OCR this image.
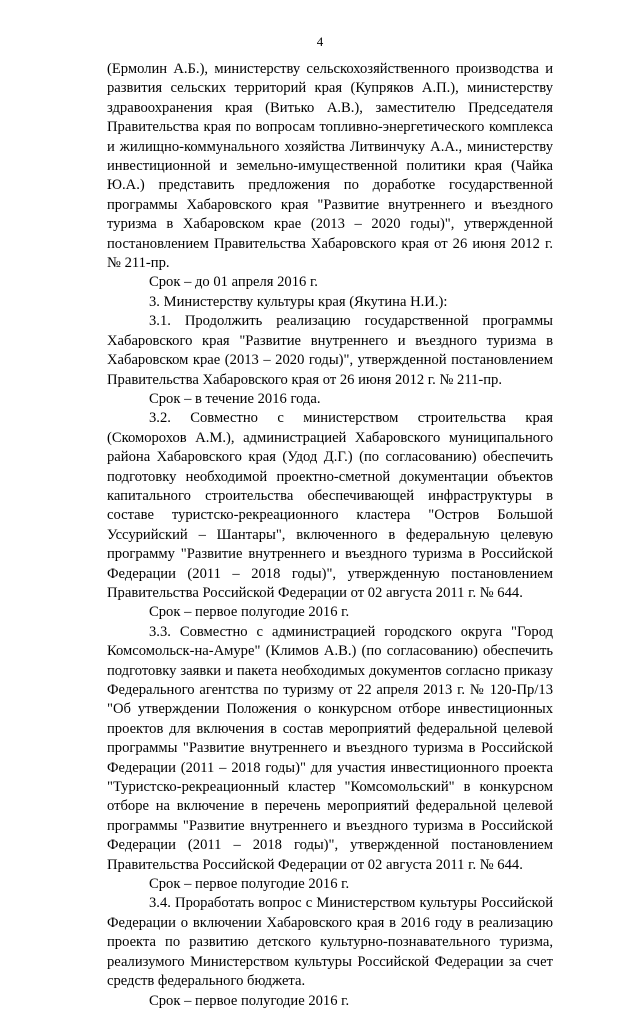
4

(Ермолин А.Б.), министерству сельскохозяйственного производства и развития сельских территорий края (Купряков А.П.), министерству здравоохранения края (Витько А.В.), заместителю Председателя Правительства края по вопросам топливно-энергетического комплекса и жилищно-коммунального хозяйства Литвинчуку А.А., министерству инвестиционной и земельно-имущественной политики края (Чайка Ю.А.) представить предложения по доработке государственной программы Хабаровского края "Развитие внутреннего и въездного туризма в Хабаровском крае (2013 – 2020 годы)", утвержденной постановлением Правительства Хабаровского края от 26 июня 2012 г. № 211-пр.

Срок – до 01 апреля 2016 г.

3. Министерству культуры края (Якутина Н.И.):

3.1. Продолжить реализацию государственной программы Хабаровского края "Развитие внутреннего и въездного туризма в Хабаровском крае (2013 – 2020 годы)", утвержденной постановлением Правительства Хабаровского края от 26 июня 2012 г. № 211-пр.

Срок – в течение 2016 года.

3.2. Совместно с министерством строительства края (Скоморохов А.М.), администрацией Хабаровского муниципального района Хабаровского края (Удод Д.Г.) (по согласованию) обеспечить подготовку необходимой проектно-сметной документации объектов капитального строительства обеспечивающей инфраструктуры в составе туристско-рекреационного кластера "Остров Большой Уссурийский – Шантары", включенного в федеральную целевую программу "Развитие внутреннего и въездного туризма в Российской Федерации (2011 – 2018 годы)", утвержденную постановлением Правительства Российской Федерации от 02 августа 2011 г. № 644.

Срок – первое полугодие 2016 г.

3.3. Совместно с администрацией городского округа "Город Комсомольск-на-Амуре" (Климов А.В.) (по согласованию) обеспечить подготовку заявки и пакета необходимых документов согласно приказу Федерального агентства по туризму от 22 апреля 2013 г. № 120-Пр/13 "Об утверждении Положения о конкурсном отборе инвестиционных проектов для включения в состав мероприятий федеральной целевой программы "Развитие внутреннего и въездного туризма в Российской Федерации (2011 – 2018 годы)" для участия инвестиционного проекта "Туристско-рекреационный кластер "Комсомольский" в конкурсном отборе на включение в перечень мероприятий федеральной целевой программы "Развитие внутреннего и въездного туризма в Российской Федерации (2011 – 2018 годы)", утвержденной постановлением Правительства Российской Федерации от 02 августа 2011 г. № 644.

Срок – первое полугодие 2016 г.

3.4. Проработать вопрос с Министерством культуры Российской Федерации о включении Хабаровского края в 2016 году в реализацию проекта по развитию детского культурно-познавательного туризма, реализумого Министерством культуры Российской Федерации за счет средств федерального бюджета.

Срок – первое полугодие 2016 г.
